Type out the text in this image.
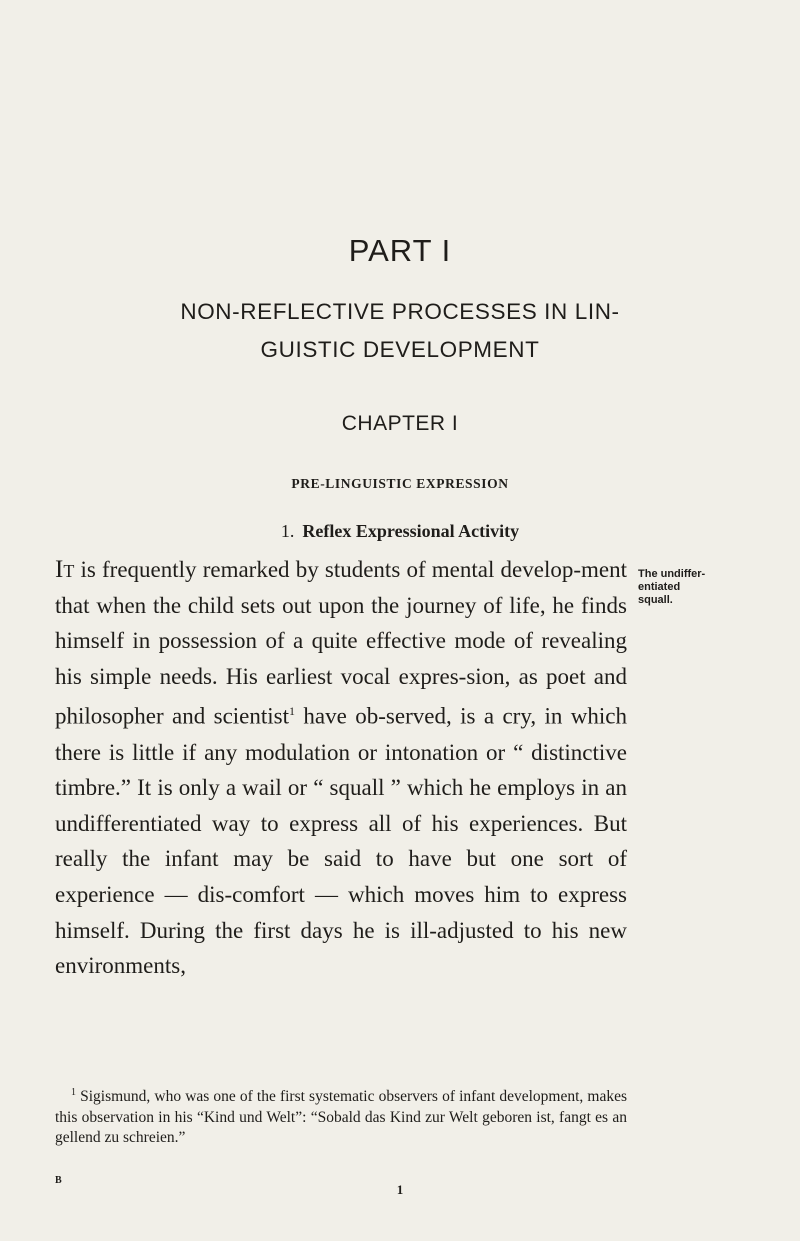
PART I
NON-REFLECTIVE PROCESSES IN LIN-
GUISTIC DEVELOPMENT
CHAPTER I
PRE-LINGUISTIC EXPRESSION
1. Reflex Expressional Activity
The undiffer-
entiated
squall.
It is frequently remarked by students of mental develop-ment that when the child sets out upon the journey of life, he finds himself in possession of a quite effective mode of revealing his simple needs. His earliest vocal expres-sion, as poet and philosopher and scientist$^1$ have ob-served, is a cry, in which there is little if any modulation or intonation or “ distinctive timbre.” It is only a wail or “ squall ” which he employs in an undifferentiated way to express all of his experiences. But really the infant may be said to have but one sort of experience — dis-comfort — which moves him to express himself. During the first days he is ill-adjusted to his new environments,
$^1$ Sigismund, who was one of the first systematic observers of infant development, makes this observation in his “Kind und Welt”: “Sobald das Kind zur Welt geboren ist, fangt es an gellend zu schreien.”
B
1
